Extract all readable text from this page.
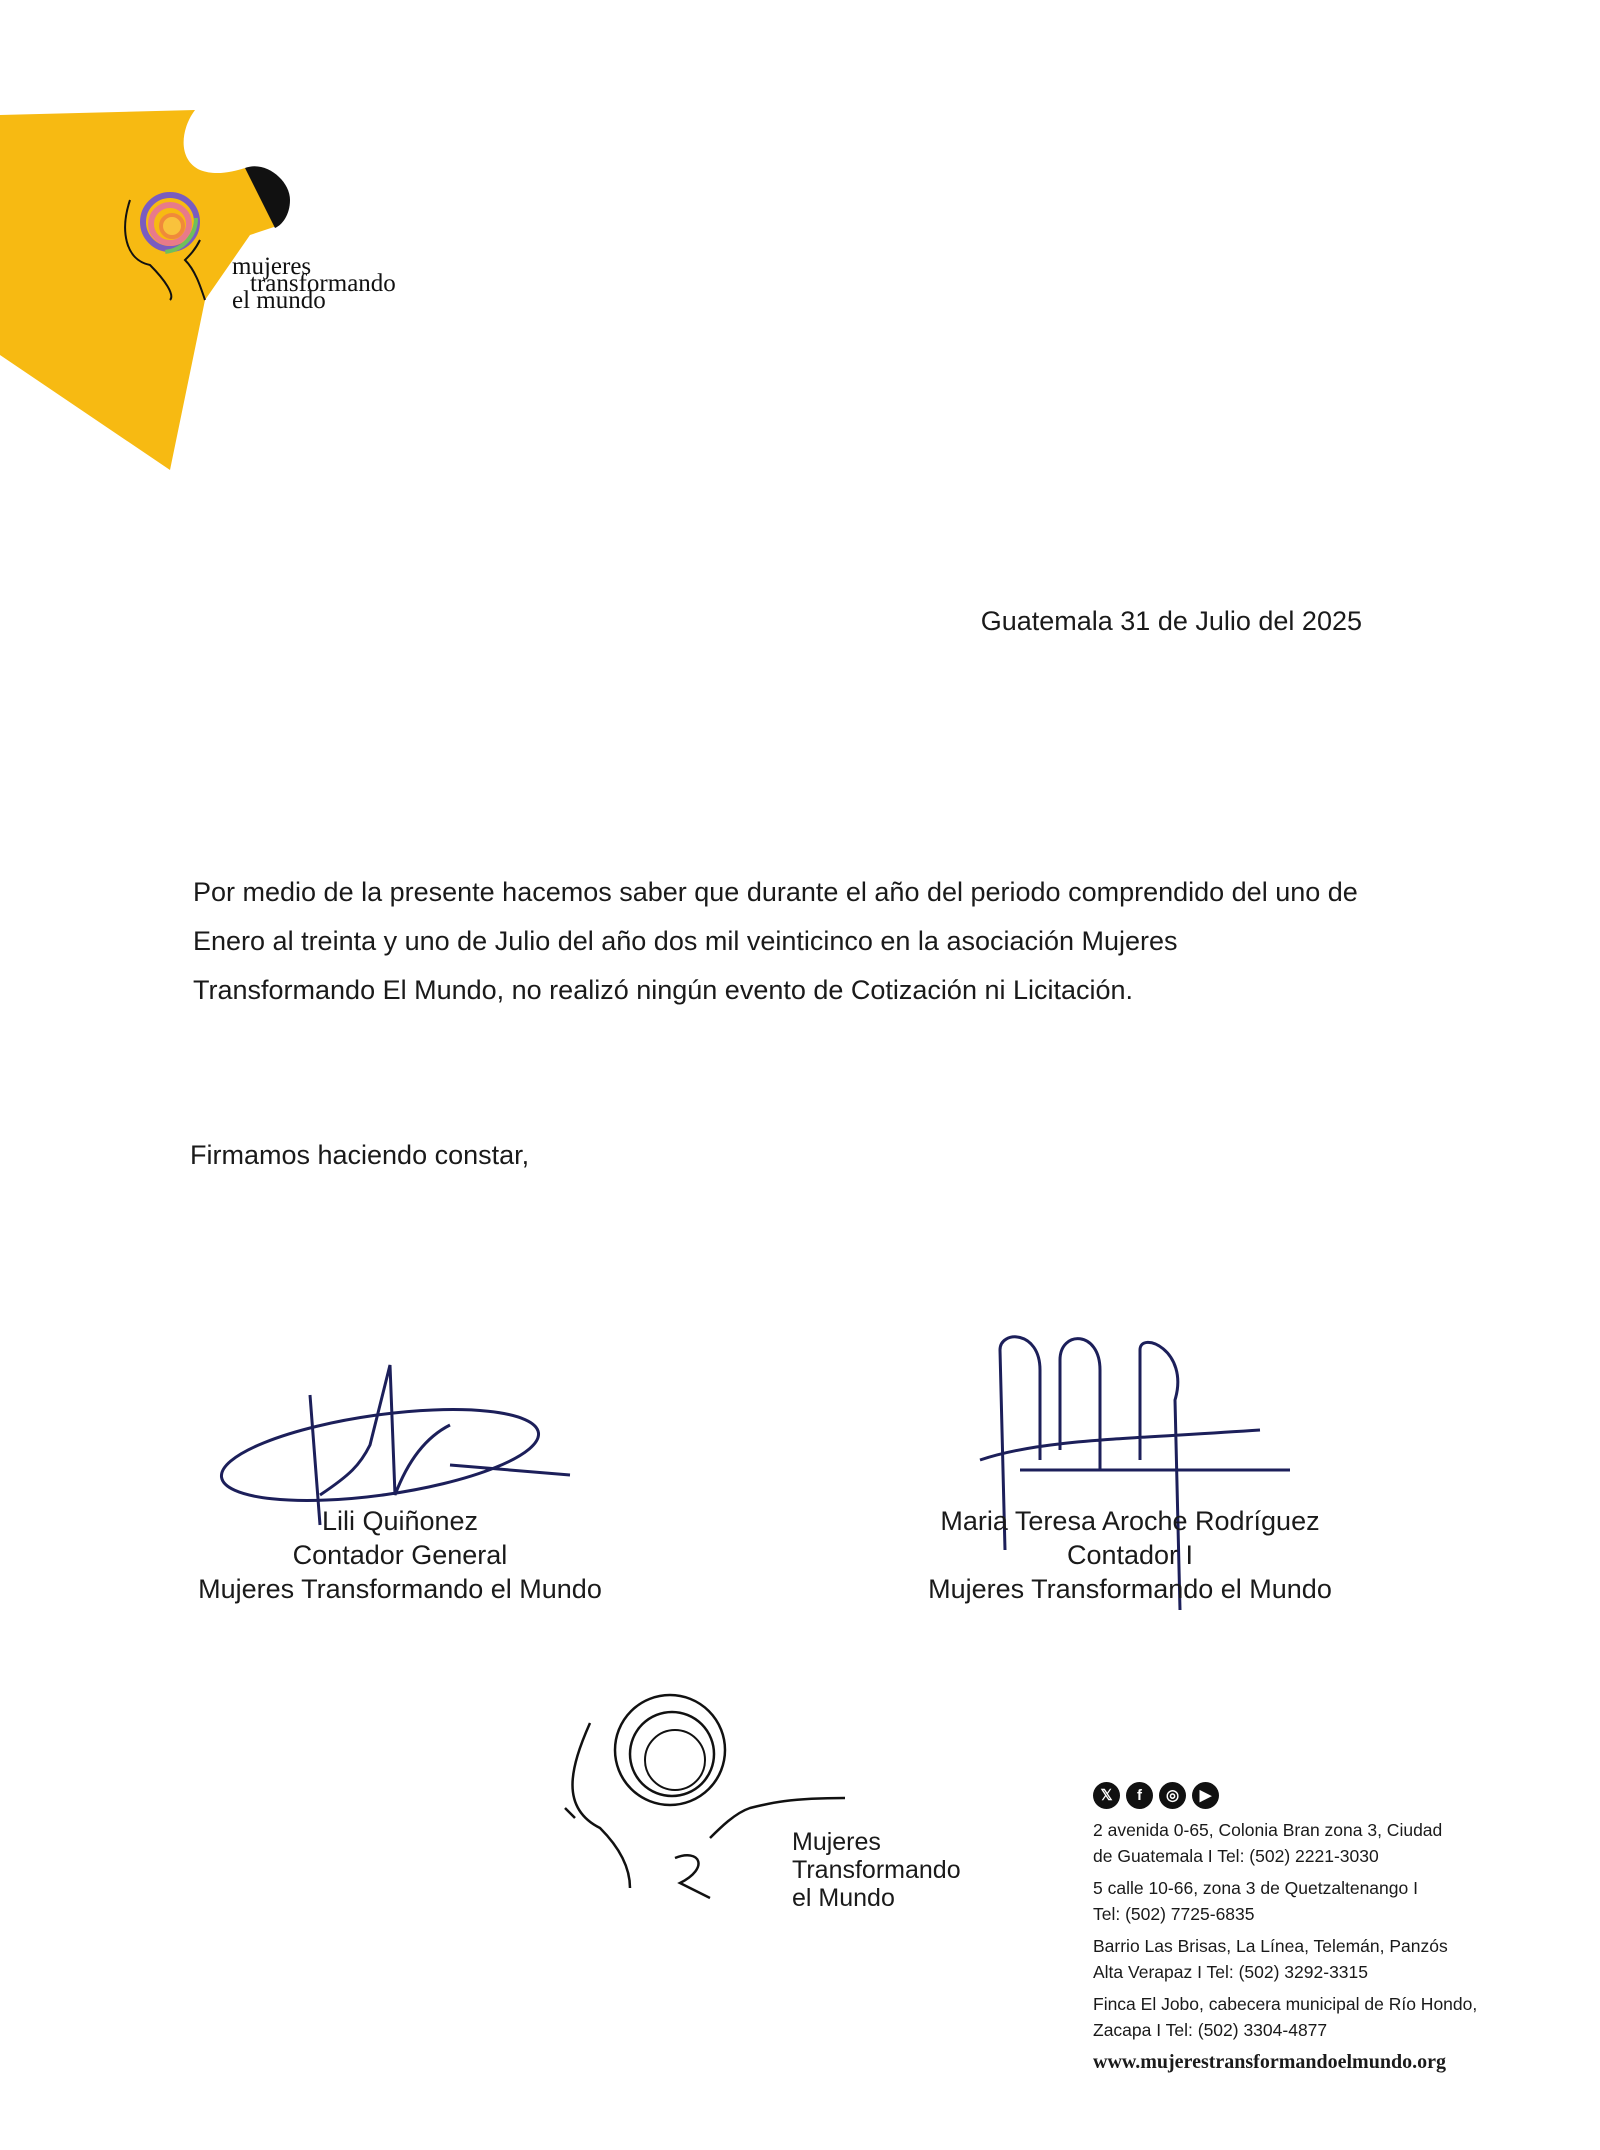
mujeres
transformando
el mundo
Guatemala 31 de Julio del 2025
Por medio de la presente hacemos saber que durante el año del periodo comprendido del uno de Enero al treinta y uno de Julio del año dos mil veinticinco en la asociación Mujeres Transformando El Mundo, no realizó ningún evento de Cotización ni Licitación.
Firmamos haciendo constar,
Lili Quiñonez
Contador General
Mujeres Transformando el Mundo
Maria Teresa Aroche Rodríguez
Contador I
Mujeres Transformando el Mundo
Mujeres
Transformando
el Mundo
𝕏	f	◎	▶

2 avenida 0-65, Colonia Bran zona 3, Ciudad
de Guatemala I Tel: (502) 2221-3030

5 calle 10-66, zona 3 de Quetzaltenango I
Tel: (502) 7725-6835

Barrio Las Brisas, La Línea, Telemán, Panzós
Alta Verapaz I Tel: (502) 3292-3315

Finca El Jobo, cabecera municipal de Río Hondo,
Zacapa I Tel: (502) 3304-4877

www.mujerestransformandoelmundo.org
